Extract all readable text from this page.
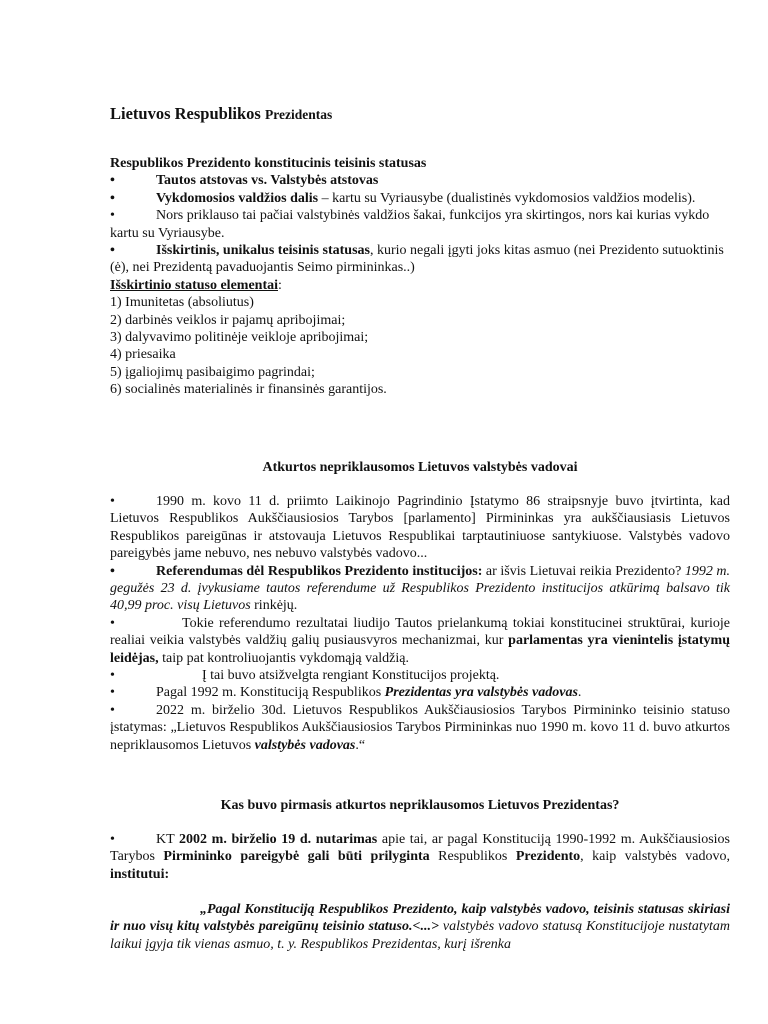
Lietuvos Respublikos Prezidentas

Respublikos Prezidento konstitucinis teisinis statusas

•	Tautos atstovas vs. Valstybės atstovas

•	Vykdomosios valdžios dalis – kartu su Vyriausybe (dualistinės vykdomosios valdžios modelis).

•	Nors priklauso tai pačiai valstybinės valdžios šakai, funkcijos yra skirtingos, nors kai kurias vykdo kartu su Vyriausybe.

•	Išskirtinis, unikalus teisinis statusas, kurio negali įgyti joks kitas asmuo (nei Prezidento sutuoktinis (ė), nei Prezidentą pavaduojantis Seimo pirmininkas..)

Išskirtinio statuso elementai:

1) Imunitetas (absoliutus)

2) darbinės veiklos ir pajamų apribojimai;

3) dalyvavimo politinėje veikloje apribojimai;

4) priesaika

5) įgaliojimų pasibaigimo pagrindai;

6) socialinės materialinės ir finansinės garantijos.

Atkurtos nepriklausomos Lietuvos valstybės vadovai

•	1990 m. kovo 11 d. priimto Laikinojo Pagrindinio Įstatymo 86 straipsnyje buvo įtvirtinta, kad Lietuvos Respublikos Aukščiausiosios Tarybos [parlamento] Pirmininkas yra aukščiausiasis Lietuvos Respublikos pareigūnas ir atstovauja Lietuvos Respublikai tarptautiniuose santykiuose. Valstybės vadovo pareigybės jame nebuvo, nes nebuvo valstybės vadovo...

•	Referendumas dėl Respublikos Prezidento institucijos: ar išvis Lietuvai reikia Prezidento? 1992 m. gegužės 23 d. įvykusiame tautos referendume už Respublikos Prezidento institucijos atkūrimą balsavo tik 40,99 proc. visų Lietuvos rinkėjų.

•	Tokie referendumo rezultatai liudijo Tautos prielankumą tokiai konstitucinei struktūrai, kurioje realiai veikia valstybės valdžių galių pusiausvyros mechanizmai, kur parlamentas yra vienintelis įstatymų leidėjas, taip pat kontroliuojantis vykdomąją valdžią.

•	Į tai buvo atsižvelgta rengiant Konstitucijos projektą.

•	Pagal 1992 m. Konstituciją Respublikos Prezidentas yra valstybės vadovas.

•	2022 m. birželio 30d. Lietuvos Respublikos Aukščiausiosios Tarybos Pirmininko teisinio statuso įstatymas: „Lietuvos Respublikos Aukščiausiosios Tarybos Pirmininkas nuo 1990 m. kovo 11 d. buvo atkurtos nepriklausomos Lietuvos valstybės vadovas.“

Kas buvo pirmasis atkurtos nepriklausomos Lietuvos Prezidentas?

•	KT 2002 m. birželio 19 d. nutarimas apie tai, ar pagal Konstituciją 1990-1992 m. Aukščiausiosios Tarybos Pirmininko pareigybė gali būti prilyginta Respublikos Prezidento, kaip valstybės vadovo, institutui:

„Pagal Konstituciją Respublikos Prezidento, kaip valstybės vadovo, teisinis statusas skiriasi ir nuo visų kitų valstybės pareigūnų teisinio statuso.<...> valstybės vadovo statusą Konstitucijoje nustatytam laikui įgyja tik vienas asmuo, t. y. Respublikos Prezidentas, kurį išrenka
